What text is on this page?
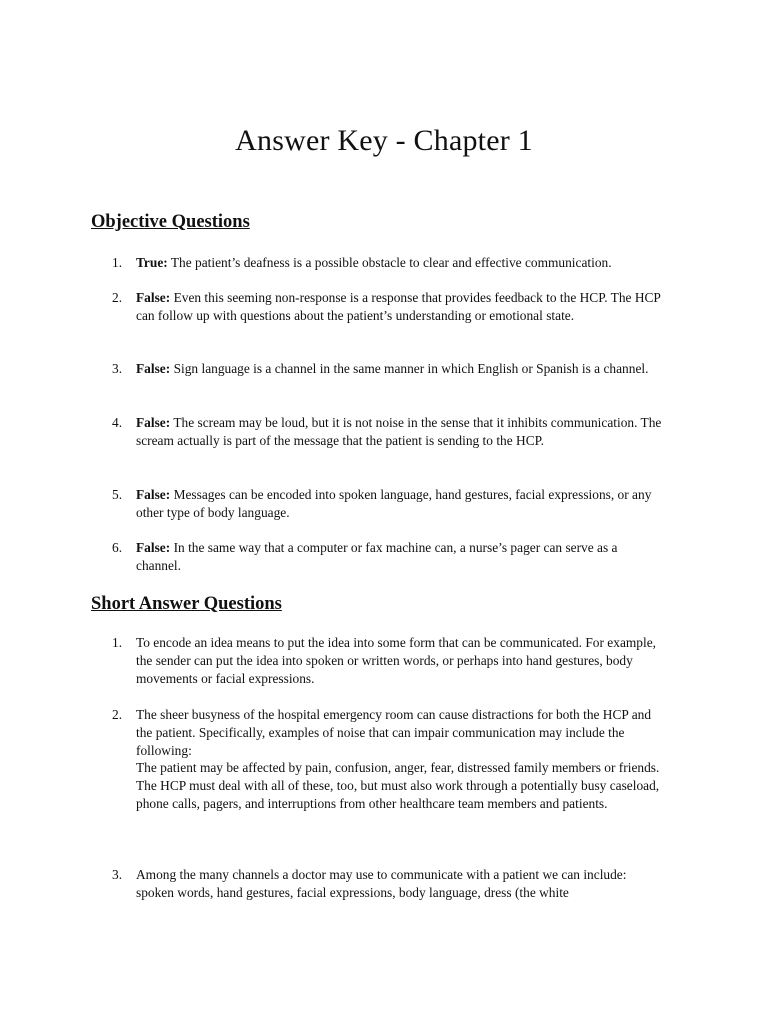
Answer Key - Chapter 1
Objective Questions
1. True: The patient’s deafness is a possible obstacle to clear and effective communication.
2. False: Even this seeming non-response is a response that provides feedback to the HCP. The HCP can follow up with questions about the patient’s understanding or emotional state.
3. False: Sign language is a channel in the same manner in which English or Spanish is a channel.
4. False: The scream may be loud, but it is not noise in the sense that it inhibits communication. The scream actually is part of the message that the patient is sending to the HCP.
5. False: Messages can be encoded into spoken language, hand gestures, facial expressions, or any other type of body language.
6. False: In the same way that a computer or fax machine can, a nurse’s pager can serve as a channel.
Short Answer Questions
1. To encode an idea means to put the idea into some form that can be communicated. For example, the sender can put the idea into spoken or written words, or perhaps into hand gestures, body movements or facial expressions.
2. The sheer busyness of the hospital emergency room can cause distractions for both the HCP and the patient. Specifically, examples of noise that can impair communication may include the following:
The patient may be affected by pain, confusion, anger, fear, distressed family members or friends.
The HCP must deal with all of these, too, but must also work through a potentially busy caseload, phone calls, pagers, and interruptions from other healthcare team members and patients.
3. Among the many channels a doctor may use to communicate with a patient we can include: spoken words, hand gestures, facial expressions, body language, dress (the white
